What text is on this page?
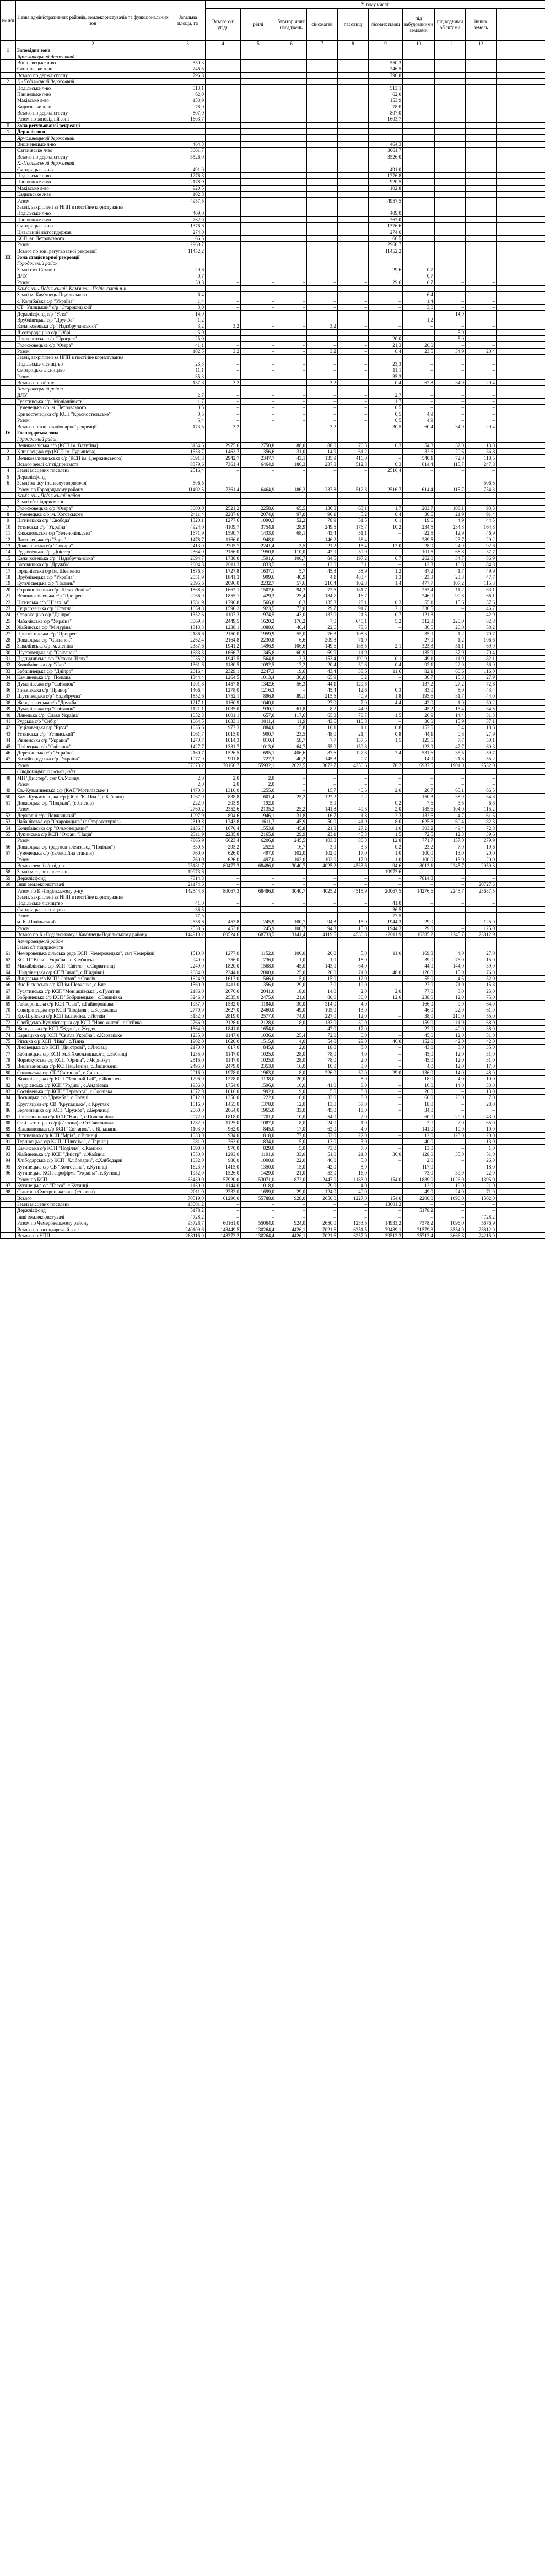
№ п/п	Назва адміністративних районів, землекористувачів та функціональних зон	Загальна площа, га	У тому числі:									
			Всього с/г угідь	ріллі	багаторічних насаджень	сіножатей	пасовищ	лісових площ	під забудованими землями	під водними об'єктами	інших земель	
1	2	3	4	5	6	7	8	9	10	11	12	
I	Заповідна зона											
	Ярмолинецький державний											
	Вишневецьке л-во	550,3						550,3				
	Сатанівське л-во	246,5						246,5				
	Всього по держлісгоспу	796,8						796,8				
2	К.-Подільський державний											
	Подільське л-во	513,1						513,1				
	Панівецьке л-во	62,0						62,0				
	Маківське л-во	153,9						153,9				
	Кадиєвське л-во	78,0						78,0				
	Всього по держлісгоспу	807,0						807,0				
	Разом по заповідній зоні	1603,7						1603,7				
II	Зона регульованої рекреації											
1	Держлісгосп											
	Ярмолинецький державний											
	Вишневецьке л-во	464,3						464,3				
	Сатанівське л-во	3061,7						3061,7				
	Всього по держлісгоспу	3526,0						3526,0				
	К.-Подільський державний											
	Смотрицьке л-во	491,0						491,0				
	Подільське л-во	1276,8						1276,8				
	Панівецьке л-во	2178,0						920,5				
	Маківське л-во	920,5						102,8				
	Кадиєвське л-во	102,8										
	Разом	4957,5						4957,5				
	Землі, закріплені за НПП в постійне користування											
	Подільське л-во	409,0						409,0				
	Панівецьке л-во	762,0						762,0				
	Смотрицьке л-во	1376,6						1376,6				
	Цивільний лісгоспдержав	274,0						274,0				
	КСП ім. Петровського	66,5						66,5				
	Разом	2960,7						2960,7				
	Всього по зоні регульованої рекреації	11452,2						11452,2				
III	Зона стаціонарної рекреації											
	Городоцький район											
	Землі смт Сатанів	29,6	–	–	–	–	–	29,6	0,7	–	–	
	ДЛУ	0,7	–	–	–	–	–	–	0,7	–	–	
	Разом	30,3	–	–	–	–	–	29,6	0,7	–	–	
	Кам'янець-Подільський, Кам'янець-Подільський р-н											
	Землі м. Кам'янець-Подільського	6,4	–	–	–	–	–	–	6,4	–	–	
	с. Колибаївка с/р "Україна"	1,4	–	–	–	–	–	–	1,4	–	–	
	СТ "Ушицький" с/р "Старокоцький"	3,0	–	–	–	–	–	–	3,0	–	–	
	Держлісфонд с/р "Устя"	14,0	–	–	–	–	–	–	–	14,0	–	
	Врублівецька с/р "Дружба"	1,2	–	–	–	–	–	–	1,2	–	–	
	Калачковецька с/р "Надзбручанський"	3,2	3,2	–	–	3,2	–	–	–	–	–	
	Лісогородецька с/р "Обрі"	5,0	–	–	–	–	–	–	–	5,0	–	
	Приворотська с/р "Прогрес"	25,0	–	–	–	–	–	20,0	–	5,0	–	
	Голосковецька с/р "Озера"	41,1	–	–	–	–	–	21,3	20,0	–	–	
	Разом	102,5	3,2	–	–	3,2	–	0,4	23,5	34,9	20,4	
	Землі, закріплені за НПП в постійне користування											
	Подільське лісництво	23,3	–	–	–	–	–	23,3	–	–	–	
	Смотрицьке лісництво	11,1	–	–	–	–	–	11,1	–	–	–	
	Разом	35,3	–	–	–	–	–	35,3	–	–	–	
	Всього по району	137,8	3,2	–	–	3,2	–	0,4	62,8	34,9	29,4	
	Чемеровецький район											
	ДЛУ	2,7	–	–	–	–	–	2,7	–	–	–	
	Гусятинська с/р "Моніашівість"	1,7	–	–	–	–	–	1,7	–	–	–	
	Гуменецька с/р ім. Петровського	0,5	–	–	–	–	–	0,5	–	–	–	
	Кривостелецька с/р КСП "Красностельське"	0,5	–	–	–	–	–	0,5	4,9	–	–	
	Разом	5,4	–	–	–	–	–	0,5	4,9	–	–	
	Всього по зоні стаціонарної рекреації	173,5	3,2	–	–	3,2	–	30,5	60,4	34,9	29,4	
IV	Господарська зона											
	Городоцький район											
1	Великозаліська с/р (КСП ім. Ватутіна)	3154,6	2975,6	2750,8	88,0	88,0	76,3	0,3	54,3	32,0	113,0	
2	Клинівецька с/р (КСП ім. Гурьянова)	1553,7	1463,7	1356,6	31,0	14,9	61,2	–	32,6	20,6	36,8	
3	Великозаливаньська с/р (КСП ім. Дзержинського)	3691,3	2942,7	2347,7	43,1	135,9	416,0	–	540,1	72,0	118,5	
	Всього землі с/г підприємств	8379,6	7361,4	6464,9	186,3	237,8	512,3	0,3	614,4	115,7	247,8	
4	Землі місцевих поселень	2516,4	–	–	–	–	–	2516,4	–	–	–	
5	Держлісфонд	–	–	–	–	–	–	–	–	–	–	
6	Землі запасу і запасоутворюючої	506,5	–	–	–	–	–	–	–	–	506,5	
	Разом по Городоцькому району	11402,5	7361,4	6464,9	186,3	237,8	512,3	2516,7	614,4	115,7	754,3	
	Кам'янець-Подільський район											
	Землі с/г підприємств											
7	Голосковецька с/р "Озера"	3000,0	2521,2	2258,6	65,5	136,8	63,1	1,7	203,7	108,1	93,5	
8	Гуменецька с/р ім. Котовського	2411,4	2287,0	2074,0	97,0	90,1	5,2	0,4	30,6	21,9	91,4	
9	Нігинецька с/р "Свобода"	1320,1	1277,6	1090,3	52,2	78,9	51,5	0,1	19,6	4,9	44,5	
10	Устянська с/р "Україна"	4924,0	4109,7	3754,8	28,9	249,5	176,7	10,2	234,5	234,8	164,8	
11	Княжпольська с/р "Зеленопільська"	1671,9	1590,7	1433,0	68,1	43,4	51,1	–	22,5	12,9	46,9	
12	Ластовецька с/р "Зоря"	1478,7	1166,0	948,0	–	146,2	58,4	–	289,5	23,7	29,2	
13	Драганівська с/р "Сокиря"	2413,0	2205,7	2241,4	3,5	21,2	15,4	12,0	28,9	24,9	92,6	
14	Рудковецька с/р "Дністер"	2364,0	2156,0	1950,8	110,0	42,9	59,9	–	101,5	68,8	37,7	
15	Калачковецька с/р "Надзбручанська"	2094,7	1738,0	1591,6	100,7	84,5	197,2	0,7	262,0	34,7	86,9	
16	Баговицька с/р "Дружба"	2004,3	2011,3	1833,5	–	13,0	3,1	–	12,3	10,3	84,8	
17	Іорданівська с/р ім. Шевченка	1876,3	1727,8	1637,1	5,7	45,3	38,9	1,2	87,2	1,7	49,9	
18	Врублівецька с/р "Україна"	2051,9	1841,3	999,6	40,9	4,1	483,4	1,3	23,3	23,3	47,7	
19	Кульчієвецька с/р "Полонь"	2395,6	2096,0	2232,7	57,6	210,4	102,3	1,4	477,7	107,2	115,3	
20	Отрочинівецька с/р "Шлях Ленінa"	1868,8	1662,1	1502,6	94,3	72,5	181,7	–	253,4	11,2	63,1	
21	Великозалісецька с/р "Прогрес"	2066,9	1855,1	429,3	25,4	184,7	16,7	–	246,9	90,8	66,1	
22	Нігинська с/р "Шлях ім"	1881,9	1796,8	1566,8	8,3	135,3	28,1	0,3	55,1	15,6	37,6	
23	Гуцаловецька с/р "Стугна"	1659,3	1596,2	923,5	73,0	29,7	91,7	2,1	336,5	–	46,7	
24	Старокоцька с/р "Дніпро"	1352,6	1107,3	974,5	43,0	137,0	21,5	0,7	121,3	–	42,9	
25	Чабанівська с/р "Україна"	3069,3	2449,5	1620,2	176,2	7,0	645,1	5,2	312,8	220,0	82,8	
26	Жабинська с/р "Мічуріна"	1313,3	1238,1	1088,6	40,4	22,6	78,5	–	36,5	26,0	58,2	
27	Присвітинська с/р "Прогрес"	2186,6	2150,0	1959,9	55,0	76,3	108,3	–	35,9	1,2	70,7	
28	Довжоцька с/р "Світанок"	2262,4	2164,8	2230,8	6,6	209,3	71,9	–	27,9	1,2	106,6	
29	Заваліївська с/р ім. Леніна	2387,6	1941,2	1496,9	106,6	149,6	188,5	2,1	323,3	51,1	69,9	
30	Шустовецька с/р "Світанок"	1683,3	1666,7	1345,8	60,9	69,9	11,9	–	135,9	37,9	70,4	
31	Підпилипська с/р "Уточка Шлях"	2035,2	1942,5	1564,8	13,3	153,4	190,9	0,1	49,1	11,9	82,1	
32	Колибаївська с/р "Лан"	1361,6	1180,5	1092,5	17,2	20,4	50,6	0,4	92,1	22,9	56,0	
33	Бабшинецька с/р "Дніпро"	2616,4	2329,1	2247,3	19,6	43,4	38,6	11,6	82,1	66,6	116,0	
34	Кам'янецька с/р "Польща"	1344,4	1264,5	1013,4	30,0	65,9	0,2	–	36,7	15,3	27,9	
35	Думанівська с/р "Світанок"	1901,8	1457,8	1342,6	56,3	44,1	129,5	–	137,2	27,2	72,6	
36	Зіньківська с/р "Прапор"	1406,4	1278,0	1216,3	–	45,4	12,6	0,3	83,0	8,0	43,4	
37	Шутнівецька с/р "Надзбручна"	1852,6	1752,1	896,8	89,1	215,5	40,9	1,8	195,6	31,7	44,0	
38	Жердецькецька с/р "Дружба"	1217,1	1160,9	1040,0	–	27,0	7,0	4,4	42,0	1,0	30,2	
39	Думанівська с/р "Світанок"	1121,1	1035,0	930,1	61,8	8,2	44,9	–	45,2	15,4	34,5	
40	Лянецька с/р "Слава Україна"	1052,3	1001,1	657,0	117,6	65,3	78,7	1,5	26,9	14,4	31,3	
41	Рудська с/р "Сибір"	1064,5	1033,1	1011,4	11,9	43,6	110,8	–	30,0	15,9	37,1	
42	Гуціловецька с/р "Бруч"	1035,6	977,3	884,0	5,8	16,1	1,1	0,8	157,5	5,4	18,6	
43	Устянська с/р "Устянський"	1061,7	1015,0	900,7	23,5	48,0	21,4	0,8	44,1	0,8	27,9	
44	Рівненська с/р "Україна"	1270,7	1014,3	810,4	58,7	7,7	137,5	1,5	125,5	7,7	50,1	
45	Пітівецька с/р "Світанок"	1427,7	1381,7	1013,6	64,7	55,0	159,8	–	123,9	47,7	60,3	
46	Дерев'янська с/р "Україна"	2160,7	1526,5	695,1	406,6	87,6	127,8	7,4	531,6	35,5	59,7	
47	Китайгородська с/р "Україна"	1077,9	991,8	727,3	40,2	145,3	0,7	–	14,9	21,8	55,2	
	Разом	67673,2	70166,7	55932,1	2022,5	3072,7	4350,6	78,2	6937,5	1901,0	2532,0	
	Старокоцька сільська рада											
48	МП "Дністер", смт Ст.Ушиця	2,0	2,0	2,0	–	–	–	–	–	–	–	
	Разом	2,0	2,0	2,0	–	–	–	–	–	–	–	
49	Св.-Кузьминецька с/р (КАП"Могилівське")	1470,3	1310,0	1255,0	–	15,7	40,6	2,0	26,7	65,1	66,5	
50	Кам.-Кузьминецька с/р (Обрі "К.-Под.", с.Бабшин)	1067,9	838,8	601,4	25,2	122,2	9,2	–	150,3	38,9	34,8	
51	Довжоцька с/р "Поділля", (с.Лисків)	222,0	203,9	192,0	–	5,9	–	0,2	7,6	3,5	6,8	
	Разом	2760,2	2352,6	2135,2	25,2	141,8	49,8	2,0	185,6	104,0	115,2	
52	Державні с/р "Довжоцький"	1097,9	894,6	946,1	31,8	16,7	1,8	2,3	132,6	4,7	61,6	
53	Чабанівська с/р "Старокоцька" (с.Старокотурнів)	2319,8	1743,8	1611,7	45,9	50,0	41,0	8,0	625,8	60,4	82,3	
54	Колибаївська с/р "Ольховецький"	2136,7	1670,4	1553,8	45,8	21,8	27,2	1,0	303,2	49,4	72,8	
55	Лупинська с/р КСП "Оксані "Надія"	2311,9	2235,8	2165,8	29,9	23,1	45,3	1,5	72,5	12,3	39,6	
	Разом	7865,9	6623,4	6206,8	245,5	103,8	86,3	12,8	771,7	157,0	279,9	
56	Довжоцька с/р (радгосп-племзавод "Поділля")	330,5	295,2	252,5	16,7	3,9	3,3	0,2	23,2	7,0	19,6	
57	Гуменецька с/р (селекційна станція)	760,0	626,0	497,0	102,0	102,0	17,0	1,0	100,0	13,0	20,0	
	Разом	760,0	626,0	497,0	102,0	102,0	17,0	1,0	100,0	13,0	20,0	
	Всього землі с/г підпр.	95181,7	80477,3	68486,0	3040,7	4025,2	4533,6	94,6	8013,1	2245,7	2959,3	
58	Землі місцевих поселень	19973,6	–	–	–	–	–	19973,6	–	–	–	
59	Держлісфонд	7814,3	–	–	–	–	–	–	7814,3	–	–	
60	Інші землекористувачі	21174,6	–	–	–	–	–	–	–	–	20727,6	
	Разом по К.-Подільському р-ну	142544,6	80067,3	68486,0	3040,7	4025,2	4515,9	20067,5	14276,6	2245,7	23687,5	
	Землі, закріплені за НПП в постійне користування											
	Подільське лісництво	41,0	–	–	–	–	–	41,0	–	–	–	
	Смотрицьке лісництво	36,5	–	–	–	–	–	36,5	–	–	–	
	Разом	77,5	–	–	–	–	–	77,5	–	–	–	
	м. К.-Подільський	2558,6	453,8	245,9	100,7	94,3	15,0	1944,3	29,0	–	125,0	
	Разом	2558,6	453,8	245,9	100,7	94,3	15,0	1944,3	29,0	–	125,0	
	Всього по К.-Подільському і Кам'янець-Подільському району	144918,2	80524,6	68733,5	3141,4	4119,5	4530,8	22011,9	16385,2	2245,7	23812,9	
	Чемеровецький район											
	Землі с/г підприємств											
61	Чемеровецька сільська рада КСП "Чемеровецьке", смт Чемерівці	1510,0	1277,0	1152,0	100,0	20,0	5,0	11,0	169,8	4,0	27,0	
62	КСТП "Вільна Україна", с.Кам'янськ	940,0	756,0	736,0	1,0	1,0	18,0	–	39,0	75,0	15,0	
63	Михайлівська с/р КСП "Світло", с.Сирватинці	2249,0	1820,0	1568,0	45,0	143,0	64,0	–	44,0	144,0	39,0	
64	Шидлівецька с/р СГ "Нивці", с.Шидлівці	2084,0	2344,0	2000,0	25,0	20,0	71,0	48,0	120,0	15,0	76,0	
65	Лицівська с/р КСП "Світоч" с.Свисіч	1624,0	1617,0	1566,0	15,0	15,0	12,0	–	55,0	4,5	52,0	
66	Вис.Бісківська с/р КП ім.Шевченка, с.Вис.	1560,0	1411,0	1356,0	29,0	7,0	19,0	–	27,0	71,0	15,8	
67	Гусятинська с/р КСП "Моніашівська", с.Гусятин	2186,0	2076,0	2041,0	18,0	14,0	2,0	2,0	77,0	3,0	25,0	
68	Бобринецька с/р КСП "Бобринецьке", с.Вишнівка	3246,0	2535,0	2475,0	21,0	80,0	36,0	12,0	238,0	12,0	75,0	
69	Гайворонська с/р КСП "Світ", с.Гайворонівка	1957,0	1532,0	1184,0	30,0	314,0	4,0	–	166,0	9,0	64,0	
70	Сокиринецька с/р КСП "Поділля", с.Бережанка	2770,0	2627,0	2460,0	49,0	105,0	13,0	–	46,0	22,0	61,0	
71	Кр.-Шуйська с/р КСП ім.Леніна, с.Лотвін	3132,0	2819,0	2577,0	74,0	227,0	12,0	–	38,0	210,0	55,0	
72	Слобідсько-Кульчієвецька с/р КСП "Нове життя", с.Огіївка	2766,0	2128,0	2128,0	8,0	133,0	30,0	–	159,0	11,0	68,0	
73	Жердецька с/р КСП "Ждан", с.Жердя	1864,0	1841,0	1654,0	–	47,0	17,0	–	27,0	40,0	38,0	
74	Карвацька с/р КСП "Світла Україна", с.Карвацьке	1235,0	1147,0	1036,0	25,4	72,0	6,0	–	45,0	12,0	31,0	
75	Ріпська с/р КСП "Ніва", с.Тінна	1902,0	1620,0	1515,0	4,0	54,0	29,0	46,0	152,0	42,0	42,0	
76	Лисівецька с/р КСП "Дністрові", с.Лисівці	2170,0	817,0	845,0	2,0	18,0	3,0	–	43,0	3,0	35,0	
77	Бабинецька с/р КСП ім.Б.Хмельницького, с.Бабинці	1235,0	1147,0	1025,0	28,0	78,0	4,0	–	45,0	12,0	31,0	
78	Чорнокутська с/р КСП "Орина", с.Чорнокут	2515,0	1147,0	1025,0	28,0	78,0	2,0	–	45,0	12,0	31,0	
79	Вишиванецька с/р КСП ім.Леніна, с.Вишиванці	2495,0	2479,0	2353,0	16,0	10,0	3,0	–	4,0	12,0	17,0	
80	Сиваньська с/р СГ "Світанок", с.Сивань	2016,0	1978,0	1963,0	8,0	226,0	59,0	29,0	136,0	14,0	48,0	
81	Жовтнівецька с/р КСП "Зелений Гай", с.Жовтневе	1296,0	1278,0	1138,0	20,0	–	8,0	–	18,0	4,0	10,0	
82	Андрієвська с/р КСП "Родіна", с.Андрієвка	1956,0	1754,0	1596,0	16,0	41,0	8,0	–	16,0	14,0	33,0	
83	Соснівецька с/р КСП "Перемога", с.Соснівка	1072,0	1016,0	992,0	9,0	5,0	8,0	–	20,0	–	13,0	
84	Лоєвицька с/р "Дружба", с.Лоєвці	1512,0	1350,0	1222,0	16,0	33,0	8,0	–	66,0	20,0	7,0	
85	Кругляцька с/р СВ "Кругляцьке", с.Кругляк	1516,0	1455,0	1378,0	12,0	13,0	57,0	–	18,0	–	28,0	
86	Берлинецька с/р КСП "Дружба", с.Берлинці	2060,0	2064,0	1965,0	33,0	45,0	18,0	–	34,0	–	–	
87	Попелянецька с/р КСП "Нива", с.Попелянівка	2072,0	1818,0	1701,0	10,0	54,0	2,0	–	60,0	20,0	43,0	
88	Ст.-Свитлицька с/р (с/г-зона) с.Ст.Свитлицька	1232,0	1125,0	1087,0	8,0	24,0	1,0	–	2,0	2,0	65,0	
89	Вільшанецька с/р КСП "Світанок", с.Вільшанці	1103,0	962,0	845,0	17,0	62,0	4,0	–	141,0	10,0	10,0	
90	Вітинецька с/р КСП "Мрія", с.Вітинці	1033,0	934,0	818,0	77,0	53,0	22,0	–	12,0	123,0	20,0	
91	Тернівецька с/р КСП "Шлях ім.", с.Тернівці	981,0	763,0	834,0	5,0	13,0	3,0	–	40,0	–	13,0	
92	Камінська с/р КСП "Поділля", с.Камінка	1090,0	970,0	829,0	5,0	73,0	7,0	–	13,0	–	1,0	
93	Жабинецька с/р КСП "Дністр", с.Жабинці	1550,0	1293,0	1191,0	33,0	51,0	21,0	36,0	128,0	35,0	51,0	
94	Хлібодарська с/р КСП "Хлібодарні", с.Хлібодарні	1032,0	980,0	1000,0	22,0	46,0	5,0	–	2,0	–	26,0	
95	Кутинецька с/р СВ "Колгоспна", с.Кутинці	1623,0	1415,0	1350,0	15,0	42,0	8,0	–	117,0	–	18,0	
96	Кутинецька КСП агрофірма "Україна", с.Кутинці	1952,0	1526,0	1429,0	21,0	53,0	16,0	–	73,0	39,0	22,0	
	Разом по КСП	65439,0	57920,0	53071,0	872,0	2447,0	1183,0	154,0	1889,0	1026,0	1395,0	
97	Кутинецька с/г "Гесса", с.Кутинці	1130,0	1144,0	1018,0	–	79,0	4,0	–	12,0	19,0	21,0	
98	Сільгосп-Смотрицька зона (с/г-зона)	2011,0	2232,0	1699,0	29,0	124,0	40,0	–	49,0	24,0	71,0	
	Всього	70519,0	61296,0	55788,0	928,0	2650,0	1227,0	154,0	2200,0	1096,0	1502,0	
	Землі місцевих поселень	13601,2	–	–	–	–	–	13601,2	–	–	–	
	Держлісфонд	5178,2	–	–	–	–	–	–	5178,2	–	–	
	Інші землекористувачі	4728,2	–	–	–	–	–	–	–	–	4728,2	
	Разом по Чемеровецькому району	93728,7	60161,0	55064,0	924,0	2650,0	1233,5	14933,2	7378,2	1096,0	5676,9	
	Всього по господарській зоні	240109,6	148449,5	130264,4	4426,1	7021,6	6251,5	39489,1	21579,8	3554,9	23812,9	
	Всього по НПП	263116,0	148372,2	130264,4	4426,1	7021,6	6257,9	39512,3	25712,4	3666,8	24215,9	
